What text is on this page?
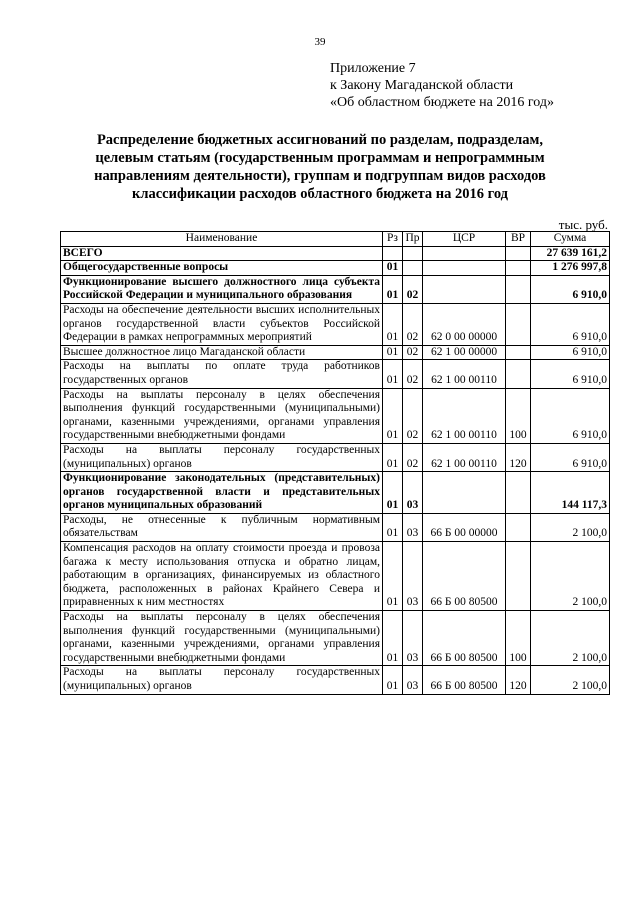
39
Приложение 7
к Закону Магаданской области
«Об областном бюджете на 2016 год»
Распределение бюджетных ассигнований по разделам, подразделам, целевым статьям (государственным программам и непрограммным направлениям деятельности), группам и подгруппам видов расходов классификации расходов областного бюджета на 2016 год
тыс. руб.
Наименование	Рз	Пр	ЦСР	ВР	Сумма
ВСЕГО					27 639 161,2
Общегосударственные вопросы	01				1 276 997,8
Функционирование высшего должностного лица субъекта Российской Федерации и муниципального образования	01	02			6 910,0
Расходы на обеспечение деятельности высших исполнительных органов государственной власти субъектов Российской Федерации в рамках непрограммных мероприятий	01	02	62 0 00 00000		6 910,0
Высшее должностное лицо Магаданской области	01	02	62 1 00 00000		6 910,0
Расходы на выплаты по оплате труда работников государственных органов	01	02	62 1 00 00110		6 910,0
Расходы на выплаты персоналу в целях обеспечения выполнения функций государственными (муниципальными) органами, казенными учреждениями, органами управления государственными внебюджетными фондами	01	02	62 1 00 00110	100	6 910,0
Расходы на выплаты персоналу государственных (муниципальных) органов	01	02	62 1 00 00110	120	6 910,0
Функционирование законодательных (представительных) органов государственной власти и представительных органов муниципальных образований	01	03			144 117,3
Расходы, не отнесенные к публичным нормативным обязательствам	01	03	66 Б 00 00000		2 100,0
Компенсация расходов на оплату стоимости проезда и провоза багажа к месту использования отпуска и обратно лицам, работающим в организациях, финансируемых из областного бюджета, расположенных в районах Крайнего Севера и приравненных к ним местностях	01	03	66 Б 00 80500		2 100,0
Расходы на выплаты персоналу в целях обеспечения выполнения функций государственными (муниципальными) органами, казенными учреждениями, органами управления государственными внебюджетными фондами	01	03	66 Б 00 80500	100	2 100,0
Расходы на выплаты персоналу государственных (муниципальных) органов	01	03	66 Б 00 80500	120	2 100,0
